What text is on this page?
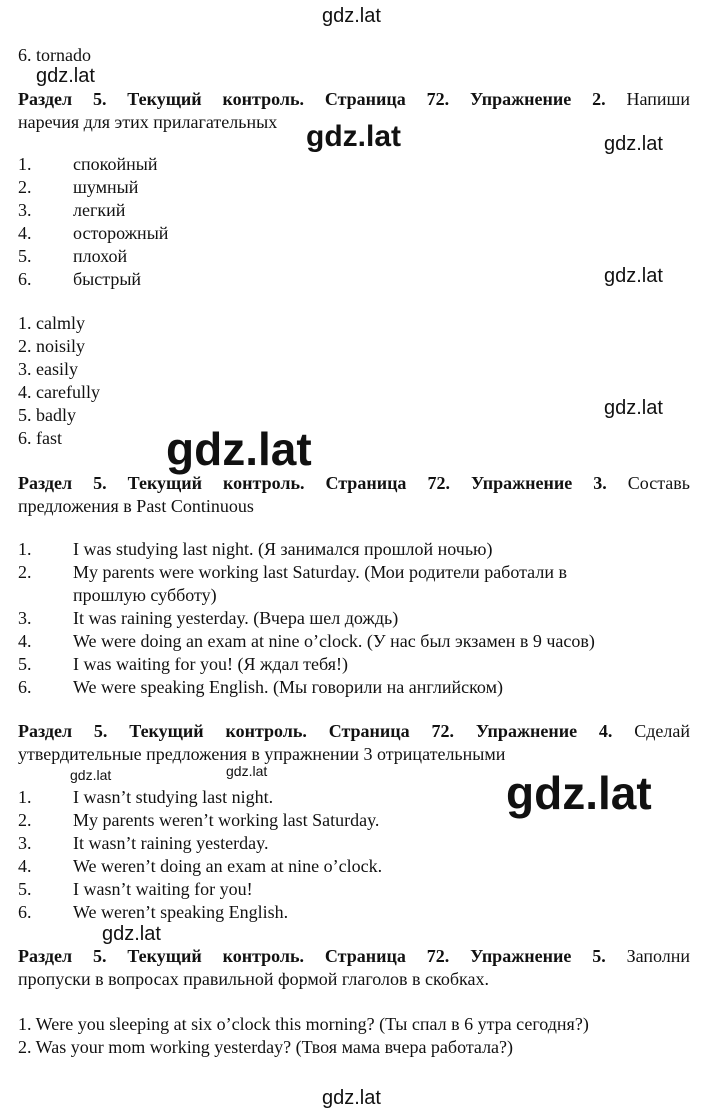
gdz.lat
gdz.lat
gdz.lat	gdz.lat
gdz.lat
gdz.lat
gdz.lat
gdz.lat	gdz.lat	gdz.lat
gdz.lat
gdz.lat
6. tornado
Раздел 5. Текущий контроль. Страница 72. Упражнение 2. Напиши
наречия для этих прилагательных
1. спокойный
2. шумный
3. легкий
4. осторожный
5. плохой
6. быстрый
1. calmly
2. noisily
3. easily
4. carefully
5. badly
6. fast
Раздел 5. Текущий контроль. Страница 72. Упражнение 3. Составь
предложения в Past Continuous
1. I was studying last night. (Я занимался прошлой ночью)
2. My parents were working last Saturday. (Мои родители работали в
прошлую субботу)
3. It was raining yesterday. (Вчера шел дождь)
4. We were doing an exam at nine o’clock. (У нас был экзамен в 9 часов)
5. I was waiting for you! (Я ждал тебя!)
6. We were speaking English. (Мы говорили на английском)
Раздел 5. Текущий контроль. Страница 72. Упражнение 4. Сделай
утвердительные предложения в упражнении 3 отрицательными
1. I wasn’t studying last night.
2. My parents weren’t working last Saturday.
3. It wasn’t raining yesterday.
4. We weren’t doing an exam at nine o’clock.
5. I wasn’t waiting for you!
6. We weren’t speaking English.
Раздел 5. Текущий контроль. Страница 72. Упражнение 5. Заполни
пропуски в вопросах правильной формой глаголов в скобках.
1. Were you sleeping at six o’clock this morning? (Ты спал в 6 утра сегодня?)
2. Was your mom working yesterday? (Твоя мама вчера работала?)
